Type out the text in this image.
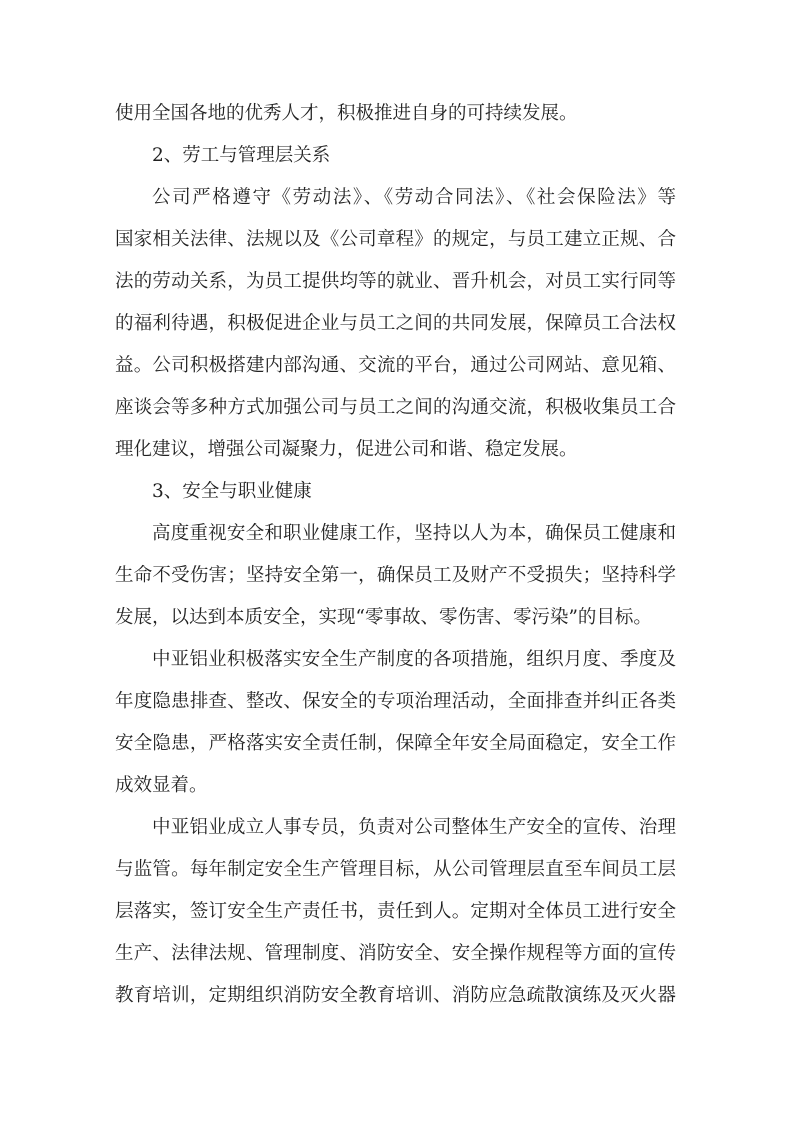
使用全国各地的优秀人才，积极推进自身的可持续发展。
2、劳工与管理层关系
公司严格遵守《劳动法》、《劳动合同法》、《社会保险法》等
国家相关法律、法规以及《公司章程》的规定，与员工建立正规、合
法的劳动关系，为员工提供均等的就业、晋升机会，对员工实行同等
的福利待遇，积极促进企业与员工之间的共同发展，保障员工合法权
益。公司积极搭建内部沟通、交流的平台，通过公司网站、意见箱、
座谈会等多种方式加强公司与员工之间的沟通交流，积极收集员工合
理化建议，增强公司凝聚力，促进公司和谐、稳定发展。
3、安全与职业健康
高度重视安全和职业健康工作，坚持以人为本，确保员工健康和
生命不受伤害；坚持安全第一，确保员工及财产不受损失；坚持科学
发展，以达到本质安全，实现“零事故、零伤害、零污染”的目标。
中亚铝业积极落实安全生产制度的各项措施，组织月度、季度及
年度隐患排查、整改、保安全的专项治理活动，全面排查并纠正各类
安全隐患，严格落实安全责任制，保障全年安全局面稳定，安全工作
成效显着。
中亚铝业成立人事专员，负责对公司整体生产安全的宣传、治理
与监管。每年制定安全生产管理目标，从公司管理层直至车间员工层
层落实，签订安全生产责任书，责任到人。定期对全体员工进行安全
生产、法律法规、管理制度、消防安全、安全操作规程等方面的宣传
教育培训，定期组织消防安全教育培训、消防应急疏散演练及灭火器
